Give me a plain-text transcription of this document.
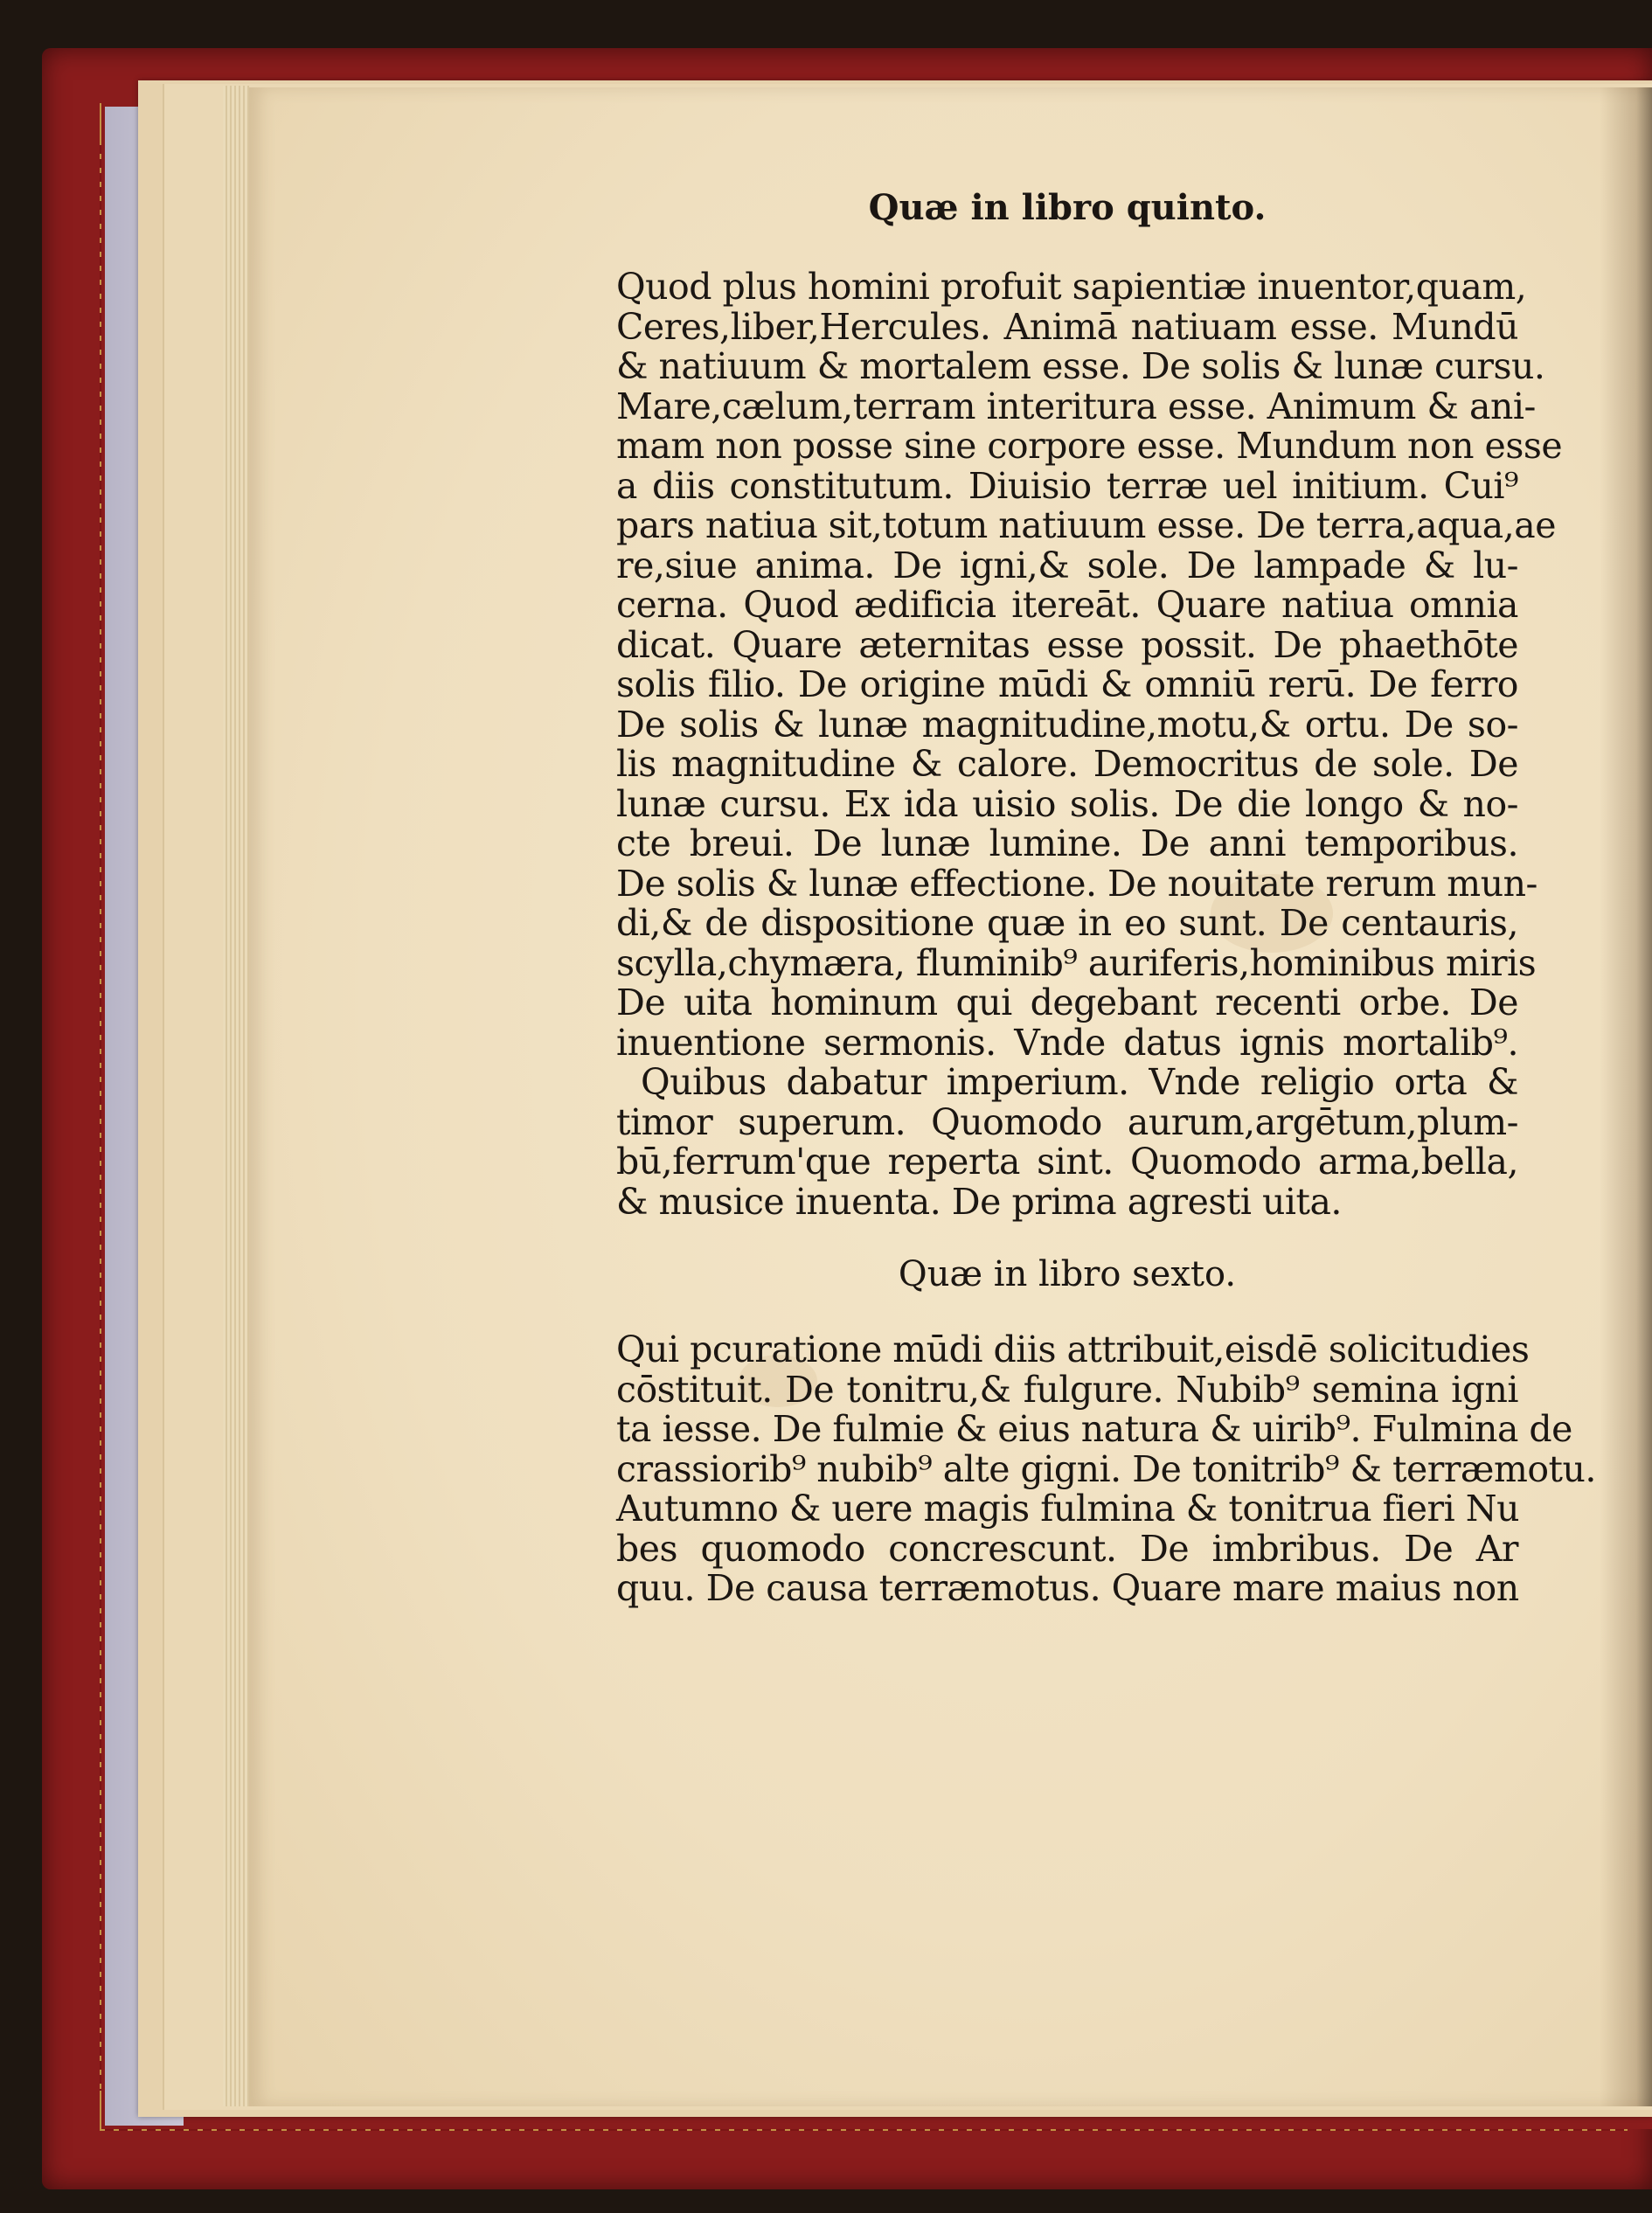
Quæ in libro quinto.

Quod plus homini profuit sapientiæ inuentor,quam,
Ceres,liber,Hercules. Animā natiuam esse. Mundū
& natiuum & mortalem esse. De solis & lunæ cursu.
Mare,cælum,terram interitura esse. Animum & ani-
mam non posse sine corpore esse. Mundum non esse
a diis constitutum. Diuisio terræ uel initium. Cui⁹
pars natiua sit,totum natiuum esse. De terra,aqua,ae
re,siue anima. De igni,& sole. De lampade & lu-
cerna. Quod ædificia itereāt. Quare natiua omnia
dicat. Quare æternitas esse possit. De phaethōte
solis filio. De origine mūdi & omniū rerū. De ferro
De solis & lunæ magnitudine,motu,& ortu. De so-
lis magnitudine & calore. Democritus de sole. De
lunæ cursu. Ex ida uisio solis. De die longo & no-
cte breui. De lunæ lumine. De anni temporibus.
De solis & lunæ effectione. De nouitate rerum mun-
di,& de dispositione quæ in eo sunt. De centauris,
scylla,chymæra, fluminib⁹ auriferis,hominibus miris
De uita hominum qui degebant recenti orbe. De
inuentione sermonis. Vnde datus ignis mortalib⁹.
Quibus dabatur imperium. Vnde religio orta &
timor superum. Quomodo aurum,argētum,plum-
bū,ferrum'que reperta sint. Quomodo arma,bella,
& musice inuenta. De prima agresti uita.

Quæ in libro sexto.

Qui pcuratione mūdi diis attribuit,eisdē solicitudies
cōstituit. De tonitru,& fulgure. Nubib⁹ semina igni
ta iesse. De fulmie & eius natura & uirib⁹. Fulmina de
crassiorib⁹ nubib⁹ alte gigni. De tonitrib⁹ & terræmotu.
Autumno & uere magis fulmina & tonitrua fieri Nu
bes quomodo concrescunt. De imbribus. De Ar
quu. De causa terræmotus. Quare mare maius non
